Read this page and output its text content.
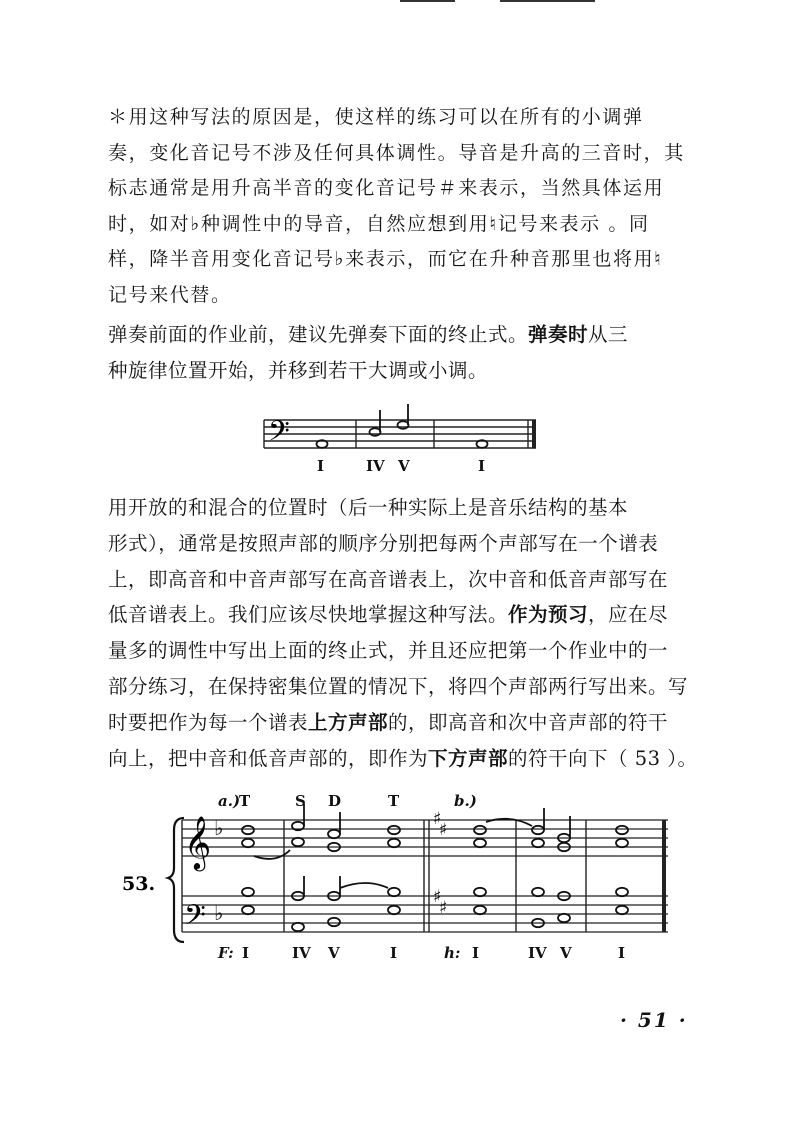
＊用这种写法的原因是，使这样的练习可以在所有的小调弹
奏，变化音记号不涉及任何具体调性。导音是升高的三音时，其
标志通常是用升高半音的变化音记号＃来表示，当然具体运用
时，如对♭种调性中的导音，自然应想到用♮记号来表示 。同
样，降半音用变化音记号♭来表示，而它在升种音那里也将用♮
记号来代替。
弹奏前面的作业前，建议先弹奏下面的终止式。弹奏时从三
种旋律位置开始，并移到若干大调或小调。
𝄢
I	IV V	I
用开放的和混合的位置时（后一种实际上是音乐结构的基本
形式），通常是按照声部的顺序分别把每两个声部写在一个谱表
上，即高音和中音声部写在高音谱表上，次中音和低音声部写在
低音谱表上。我们应该尽快地掌握这种写法。作为预习，应在尽
量多的调性中写出上面的终止式，并且还应把第一个作业中的一
部分练习，在保持密集位置的情况下，将四个声部两行写出来。写
时要把作为每一个谱表上方声部的，即高音和次中音声部的符干
向上，把中音和低音声部的，即作为下方声部的符干向下（ 53 ）。
53.
𝄞
𝄢
♭
♭
♯
♯
♯
♯
a.)	b.)
T	S D	T
F: I	IV V	I	h: I	IV V	I
· 51 ·
